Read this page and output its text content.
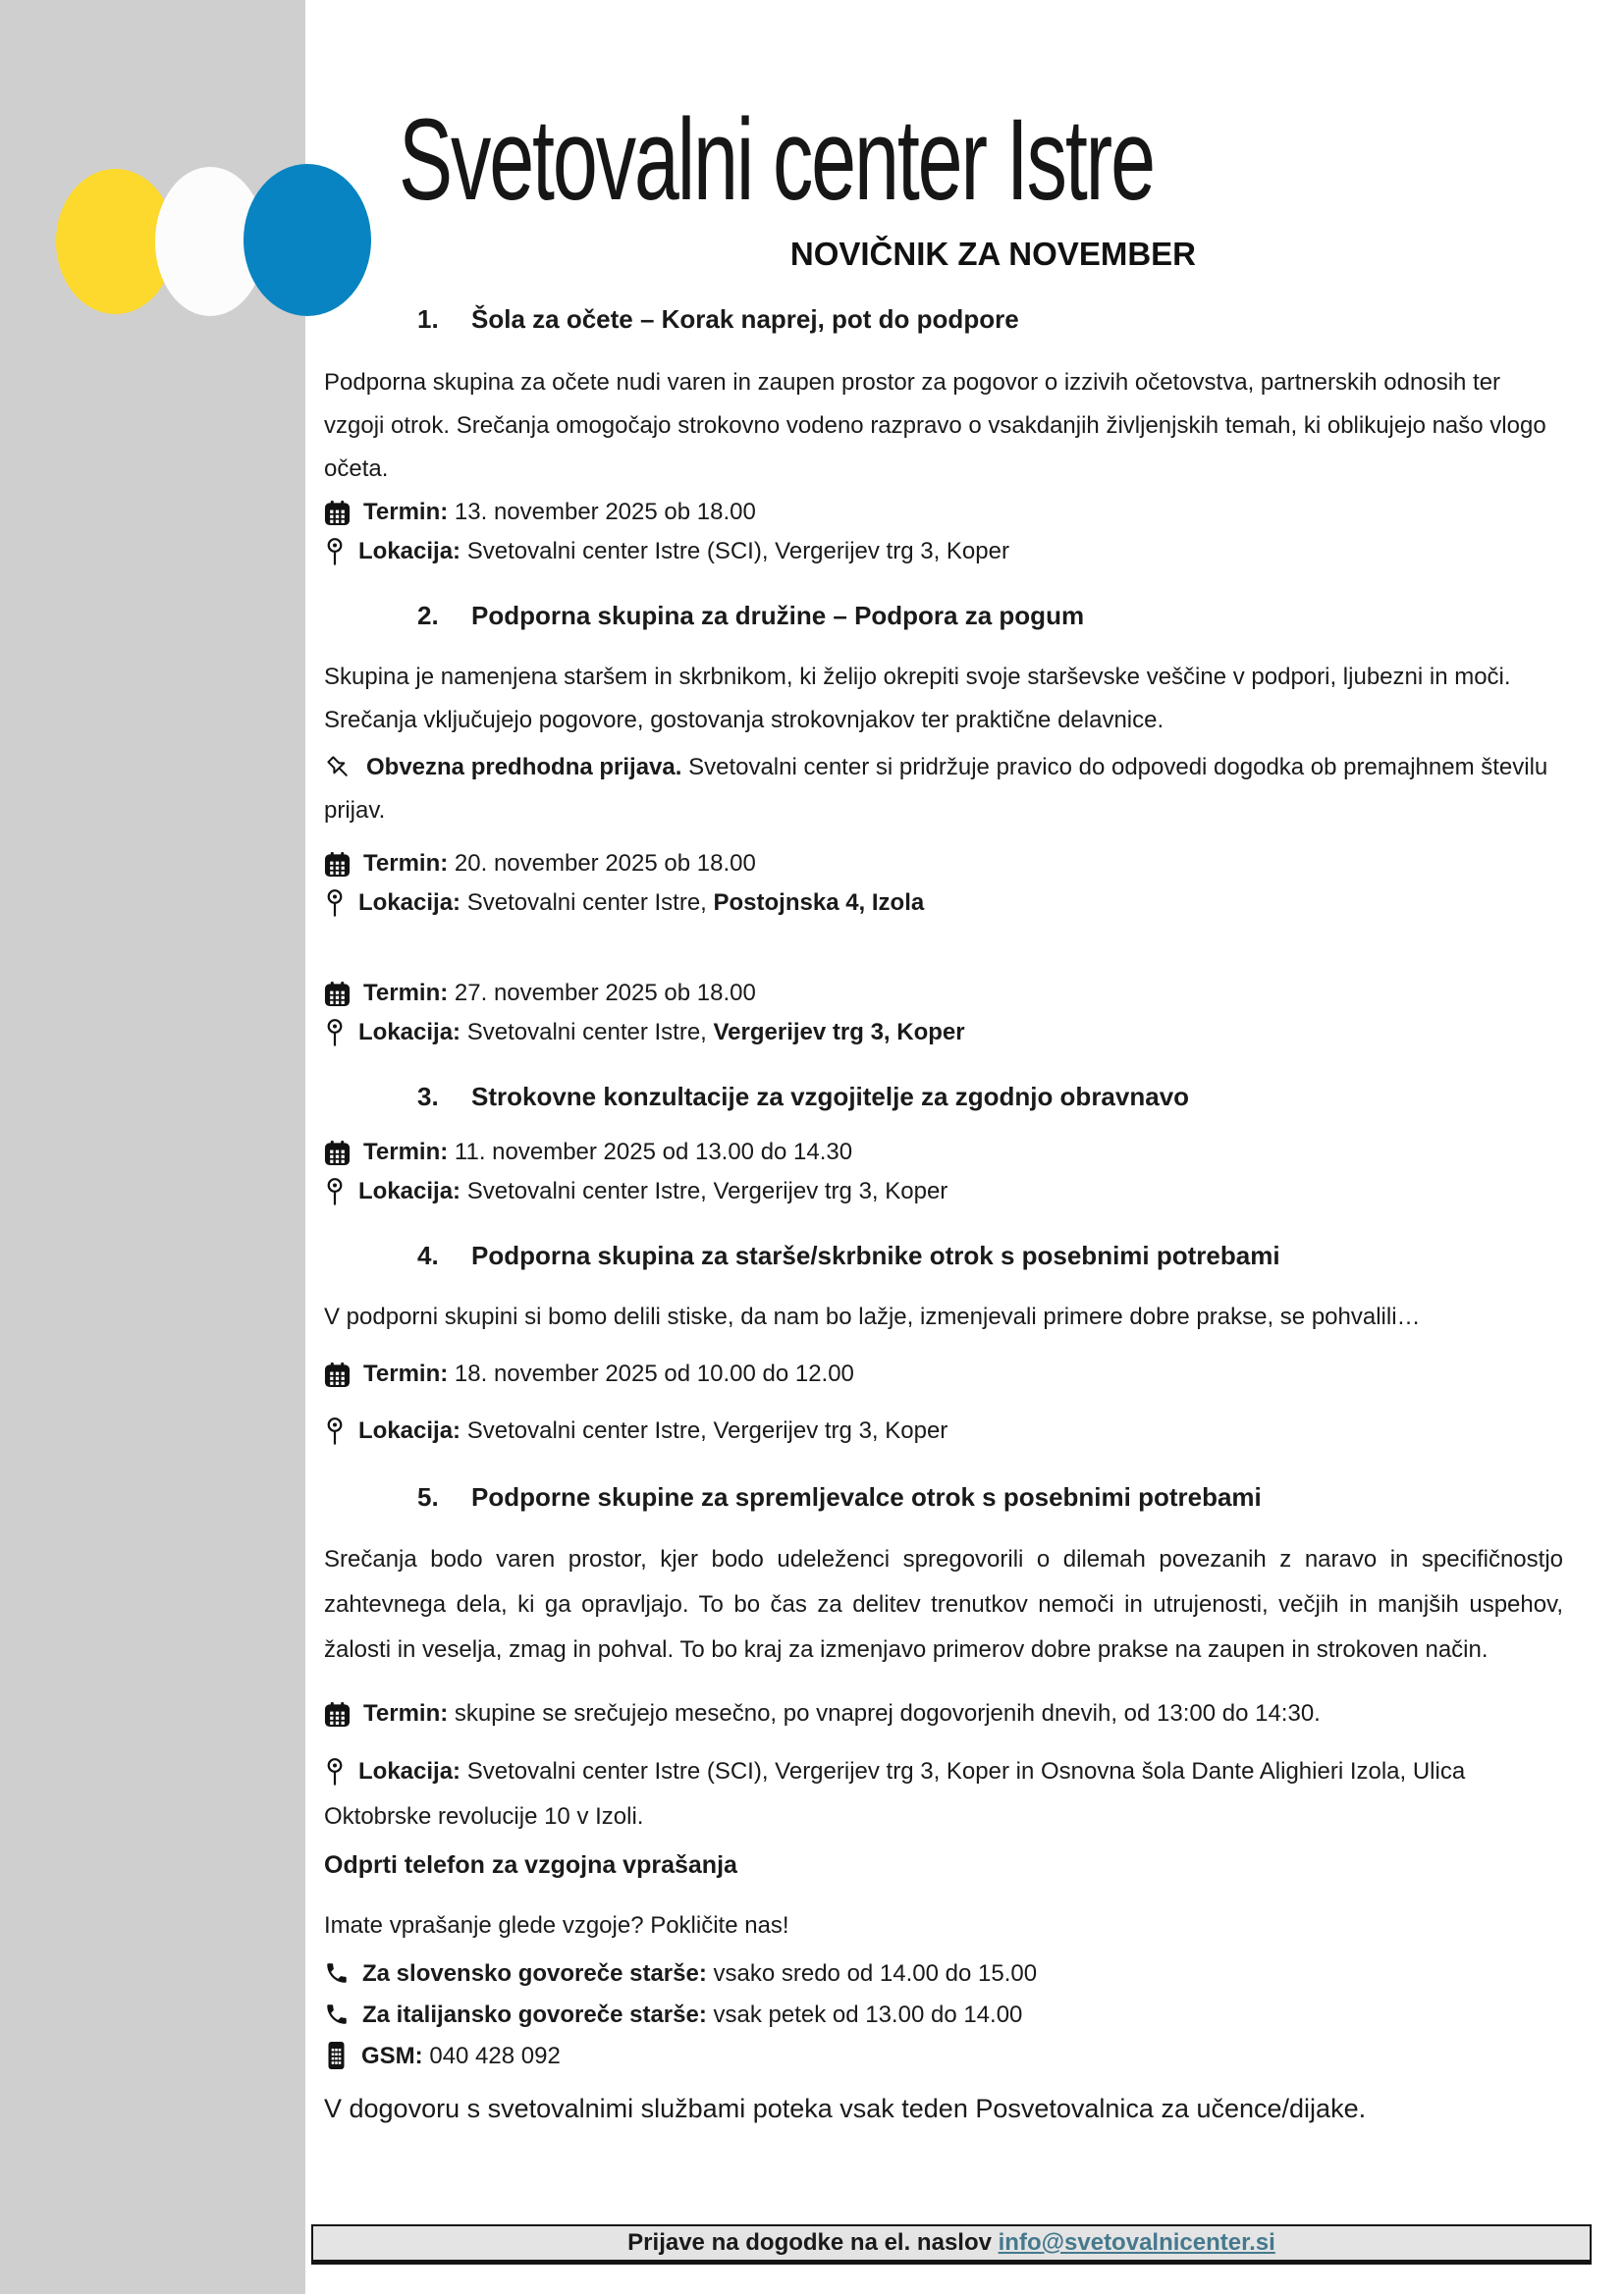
Svetovalni center Istre
NOVIČNIK ZA NOVEMBER

1.	Šola za očete – Korak naprej, pot do podpore

Podporna skupina za očete nudi varen in zaupen prostor za pogovor o izzivih očetovstva, partnerskih odnosih ter vzgoji otrok. Srečanja omogočajo strokovno vodeno razpravo o vsakdanjih življenjskih temah, ki oblikujejo našo vlogo očeta.

Termin: 13. november 2025 ob 18.00

Lokacija: Svetovalni center Istre (SCI), Vergerijev trg 3, Koper

2.	Podporna skupina za družine – Podpora za pogum

Skupina je namenjena staršem in skrbnikom, ki želijo okrepiti svoje starševske veščine v podpori, ljubezni in moči. Srečanja vključujejo pogovore, gostovanja strokovnjakov ter praktične delavnice.

Obvezna predhodna prijava. Svetovalni center si pridržuje pravico do odpovedi dogodka ob premajhnem številu prijav.

Termin: 20. november 2025 ob 18.00

Lokacija: Svetovalni center Istre, Postojnska 4, Izola

Termin: 27. november 2025 ob 18.00

Lokacija: Svetovalni center Istre, Vergerijev trg 3, Koper

3.	Strokovne konzultacije za vzgojitelje za zgodnjo obravnavo

Termin: 11. november 2025 od 13.00 do 14.30

Lokacija: Svetovalni center Istre, Vergerijev trg 3, Koper

4.	Podporna skupina za starše/skrbnike otrok s posebnimi potrebami

V podporni skupini si bomo delili stiske, da nam bo lažje, izmenjevali primere dobre prakse, se pohvalili…

Termin: 18. november 2025 od 10.00 do 12.00

Lokacija: Svetovalni center Istre, Vergerijev trg 3, Koper

5.	Podporne skupine za spremljevalce otrok s posebnimi potrebami

Srečanja bodo varen prostor, kjer bodo udeleženci spregovorili o dilemah povezanih z naravo in specifičnostjo zahtevnega dela, ki ga opravljajo. To bo čas za delitev trenutkov nemoči in utrujenosti, večjih in manjših uspehov, žalosti in veselja, zmag in pohval. To bo kraj za izmenjavo primerov dobre prakse na zaupen in strokoven način.

Termin: skupine se srečujejo mesečno, po vnaprej dogovorjenih dnevih, od 13:00 do 14:30.

Lokacija: Svetovalni center Istre (SCI), Vergerijev trg 3, Koper in Osnovna šola Dante Alighieri Izola, Ulica Oktobrske revolucije 10 v Izoli.

Odprti telefon za vzgojna vprašanja

Imate vprašanje glede vzgoje? Pokličite nas!

Za slovensko govoreče starše: vsako sredo od 14.00 do 15.00

Za italijansko govoreče starše: vsak petek od 13.00 do 14.00

GSM: 040 428 092

V dogovoru s svetovalnimi službami poteka vsak teden Posvetovalnica za učence/dijake.

Prijave na dogodke na el. naslov
info@svetovalnicenter.si
